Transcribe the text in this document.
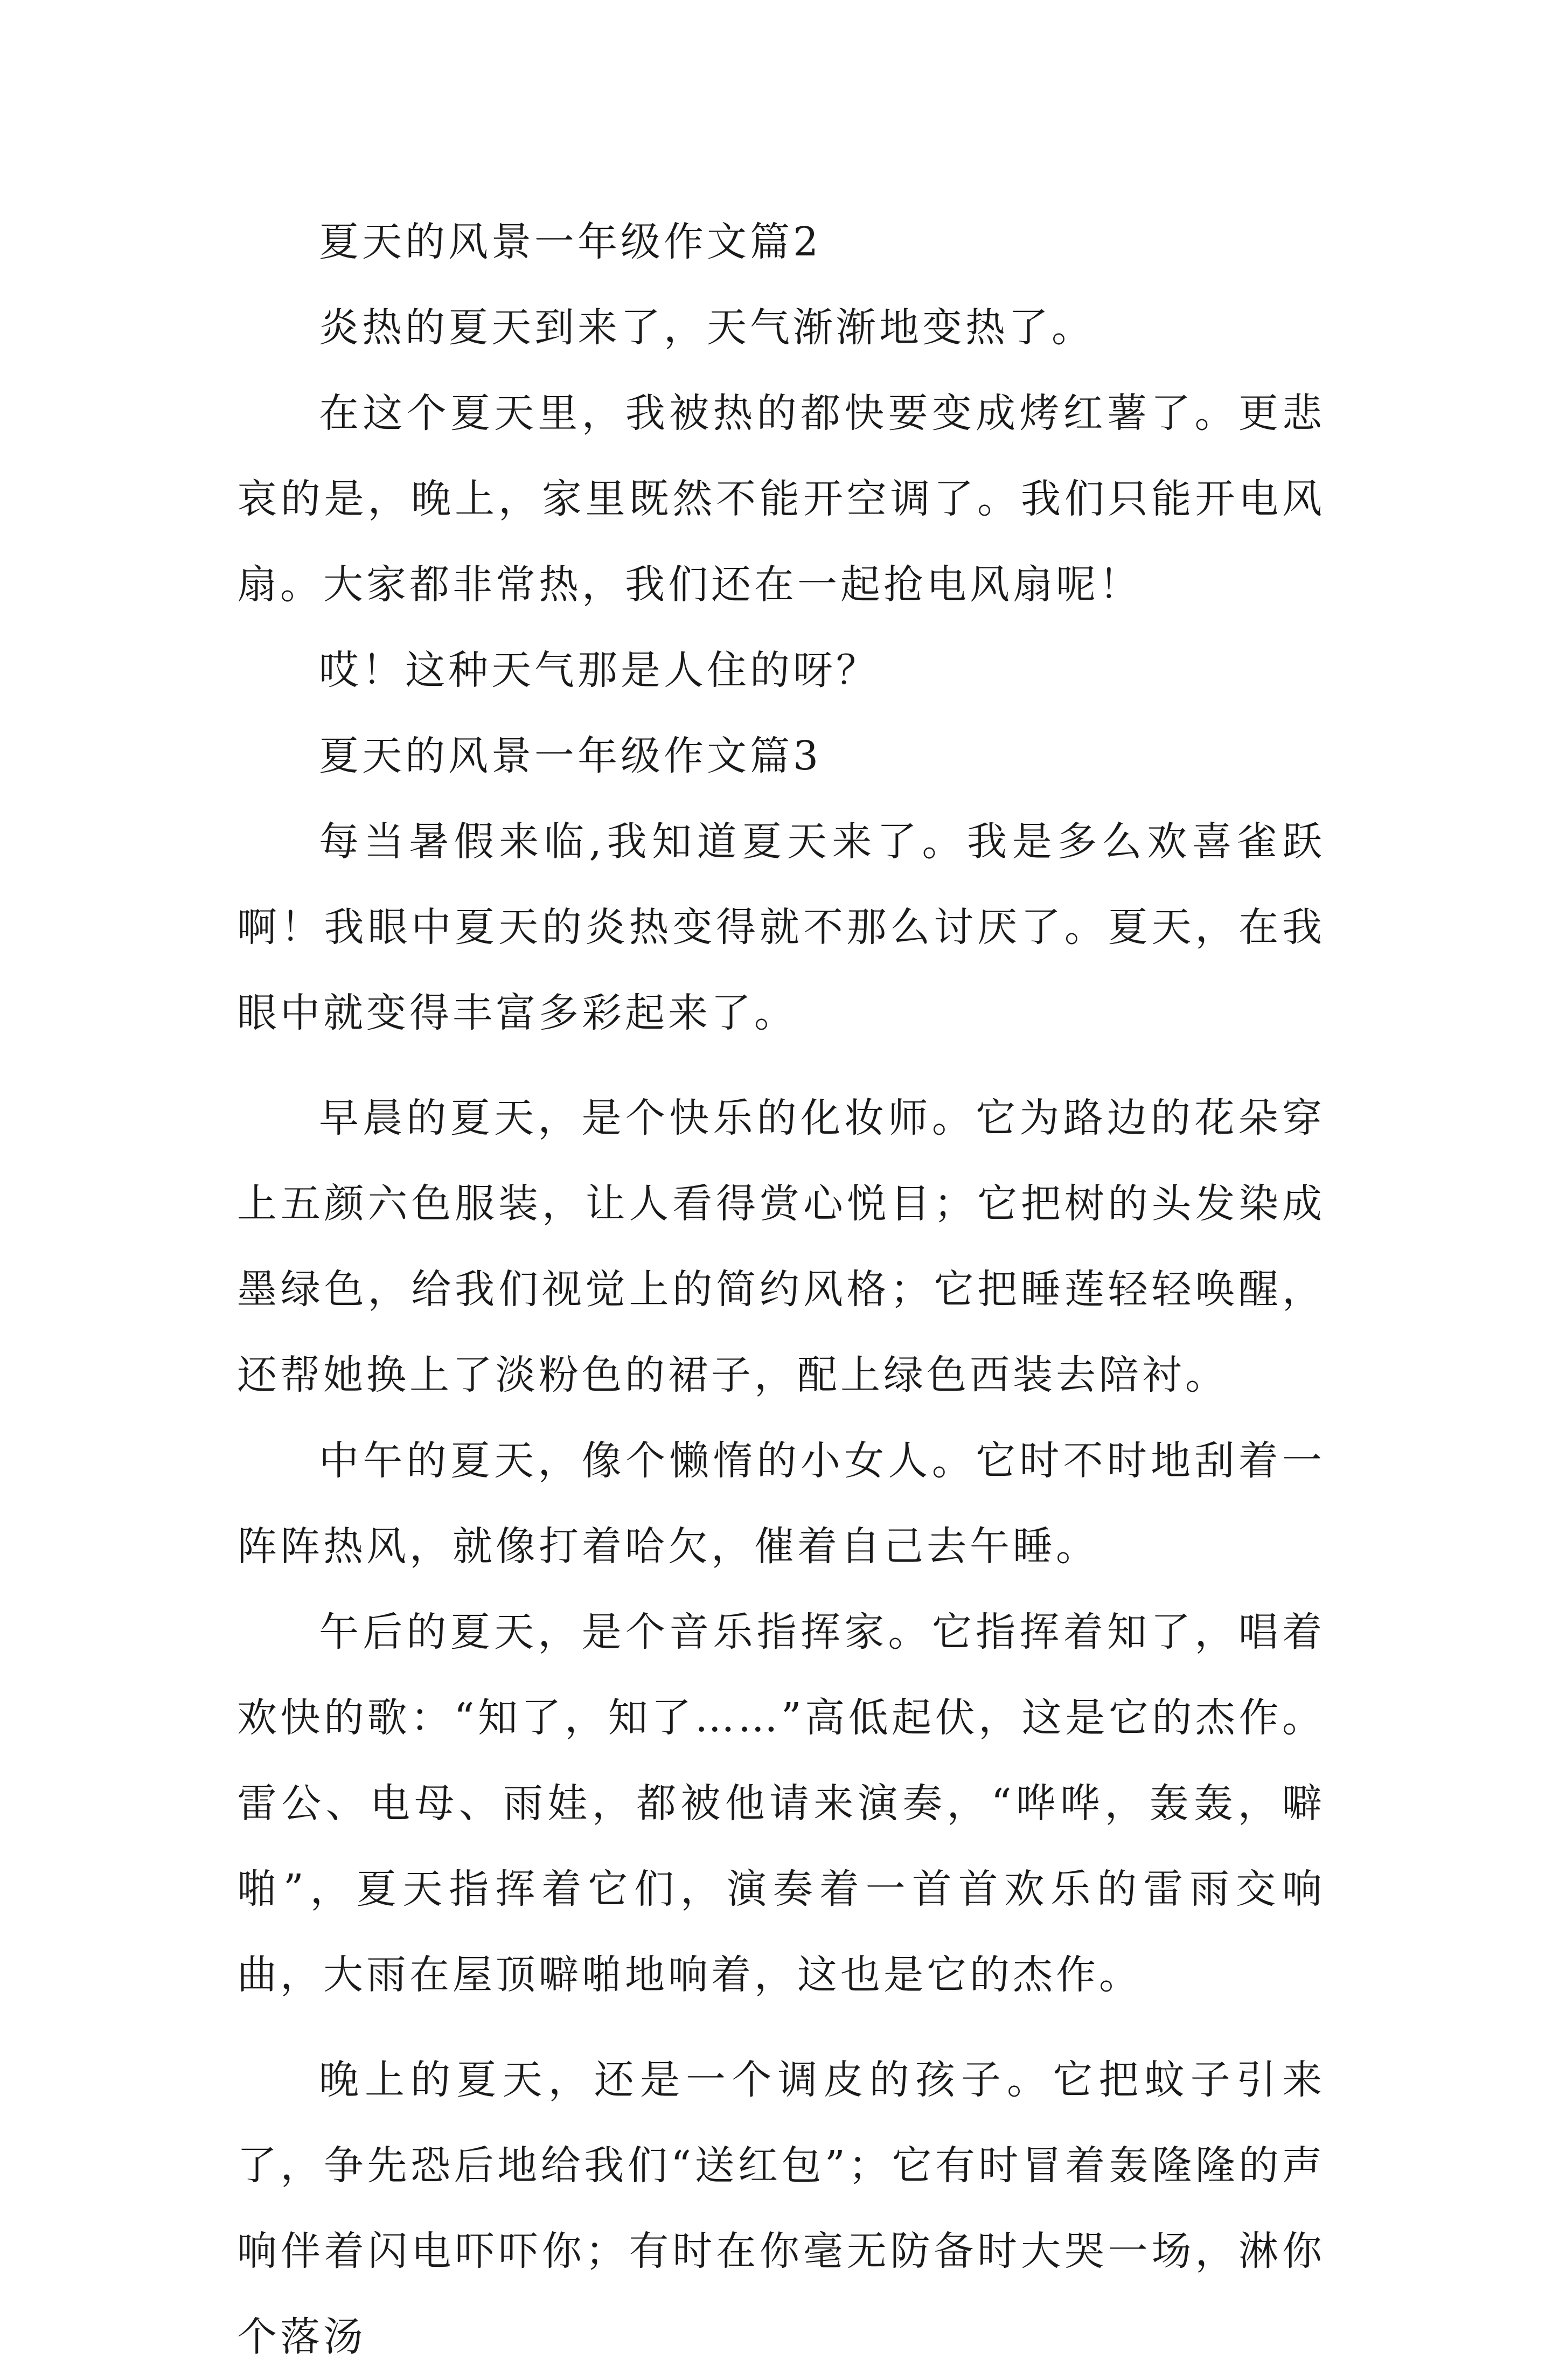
夏天的风景一年级作文篇2

炎热的夏天到来了，天气渐渐地变热了。

在这个夏天里，我被热的都快要变成烤红薯了。更悲哀的是，晚上，家里既然不能开空调了。我们只能开电风扇。大家都非常热，我们还在一起抢电风扇呢！

哎！这种天气那是人住的呀？

夏天的风景一年级作文篇3

每当暑假来临,我知道夏天来了。我是多么欢喜雀跃啊！我眼中夏天的炎热变得就不那么讨厌了。夏天，在我眼中就变得丰富多彩起来了。

早晨的夏天，是个快乐的化妆师。它为路边的花朵穿上五颜六色服装，让人看得赏心悦目；它把树的头发染成墨绿色，给我们视觉上的简约风格；它把睡莲轻轻唤醒，还帮她换上了淡粉色的裙子，配上绿色西装去陪衬。

中午的夏天，像个懒惰的小女人。它时不时地刮着一阵阵热风，就像打着哈欠，催着自己去午睡。

午后的夏天，是个音乐指挥家。它指挥着知了，唱着欢快的歌：“知了，知了……”高低起伏，这是它的杰作。雷公、电母、雨娃，都被他请来演奏，“哗哗，轰轰，噼啪”，夏天指挥着它们，演奏着一首首欢乐的雷雨交响曲，大雨在屋顶噼啪地响着，这也是它的杰作。

晚上的夏天，还是一个调皮的孩子。它把蚊子引来了，争先恐后地给我们“送红包”；它有时冒着轰隆隆的声响伴着闪电吓吓你；有时在你毫无防备时大哭一场，淋你个落汤
